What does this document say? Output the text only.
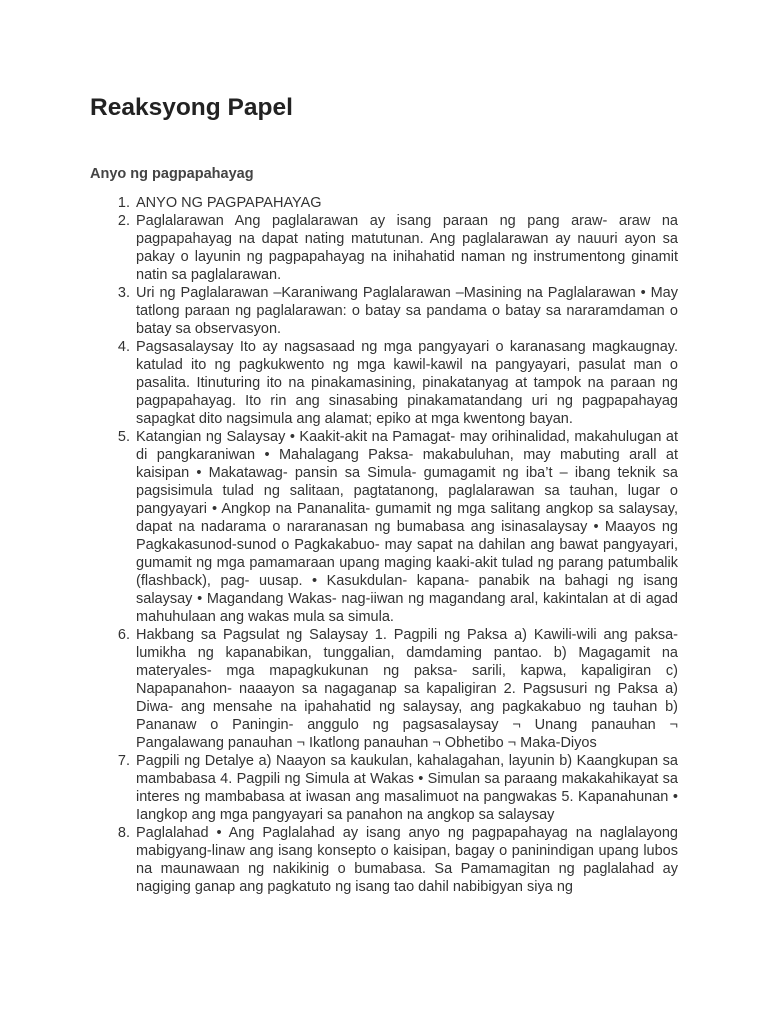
Reaksyong Papel
Anyo ng pagpapahayag
1. ANYO NG PAGPAPAHAYAG
2. Paglalarawan Ang paglalarawan ay isang paraan ng pang araw- araw na pagpapahayag na dapat nating matutunan. Ang paglalarawan ay nauuri ayon sa pakay o layunin ng pagpapahayag na inihahatid naman ng instrumentong ginamit natin sa paglalarawan.
3. Uri ng Paglalarawan –Karaniwang Paglalarawan –Masining na Paglalarawan • May tatlong paraan ng paglalarawan: o batay sa pandama o batay sa nararamdaman o batay sa observasyon.
4. Pagsasalaysay Ito ay nagsasaad ng mga pangyayari o karanasang magkaugnay. katulad ito ng pagkukwento ng mga kawil-kawil na pangyayari, pasulat man o pasalita. Itinuturing ito na pinakamasining, pinakatanyag at tampok na paraan ng pagpapahayag. Ito rin ang sinasabing pinakamatandang uri ng pagpapahayag sapagkat dito nagsimula ang alamat; epiko at mga kwentong bayan.
5. Katangian ng Salaysay • Kaakit-akit na Pamagat- may orihinalidad, makahulugan at di pangkaraniwan • Mahalagang Paksa- makabuluhan, may mabuting arall at kaisipan • Makatawag- pansin sa Simula- gumagamit ng iba’t – ibang teknik sa pagsisimula tulad ng salitaan, pagtatanong, paglalarawan sa tauhan, lugar o pangyayari • Angkop na Pananalita- gumamit ng mga salitang angkop sa salaysay, dapat na nadarama o nararanasan ng bumabasa ang isinasalaysay • Maayos ng Pagkakasunod-sunod o Pagkakabuo- may sapat na dahilan ang bawat pangyayari, gumamit ng mga pamamaraan upang maging kaaki-akit tulad ng parang patumbalik (flashback), pag- uusap. • Kasukdulan- kapana- panabik na bahagi ng isang salaysay • Magandang Wakas- nag-iiwan ng magandang aral, kakintalan at di agad mahuhulaan ang wakas mula sa simula.
6. Hakbang sa Pagsulat ng Salaysay 1. Pagpili ng Paksa a) Kawili-wili ang paksa- lumikha ng kapanabikan, tunggalian, damdaming pantao. b) Magagamit na materyales- mga mapagkukunan ng paksa- sarili, kapwa, kapaligiran c) Napapanahon- naaayon sa nagaganap sa kapaligiran 2. Pagsusuri ng Paksa a) Diwa- ang mensahe na ipahahatid ng salaysay, ang pagkakabuo ng tauhan b) Pananaw o Paningin- anggulo ng pagsasalaysay ¬ Unang panauhan ¬ Pangalawang panauhan ¬ Ikatlong panauhan ¬ Obhetibo ¬ Maka-Diyos
7. Pagpili ng Detalye a) Naayon sa kaukulan, kahalagahan, layunin b) Kaangkupan sa mambabasa 4. Pagpili ng Simula at Wakas • Simulan sa paraang makakahikayat sa interes ng mambabasa at iwasan ang masalimuot na pangwakas 5. Kapanahunan • Iangkop ang mga pangyayari sa panahon na angkop sa salaysay
8. Paglalahad • Ang Paglalahad ay isang anyo ng pagpapahayag na naglalayong mabigyang-linaw ang isang konsepto o kaisipan, bagay o paninindigan upang lubos na maunawaan ng nakikinig o bumabasa. Sa Pamamagitan ng paglalahad ay nagiging ganap ang pagkatuto ng isang tao dahil nabibigyan siya ng
